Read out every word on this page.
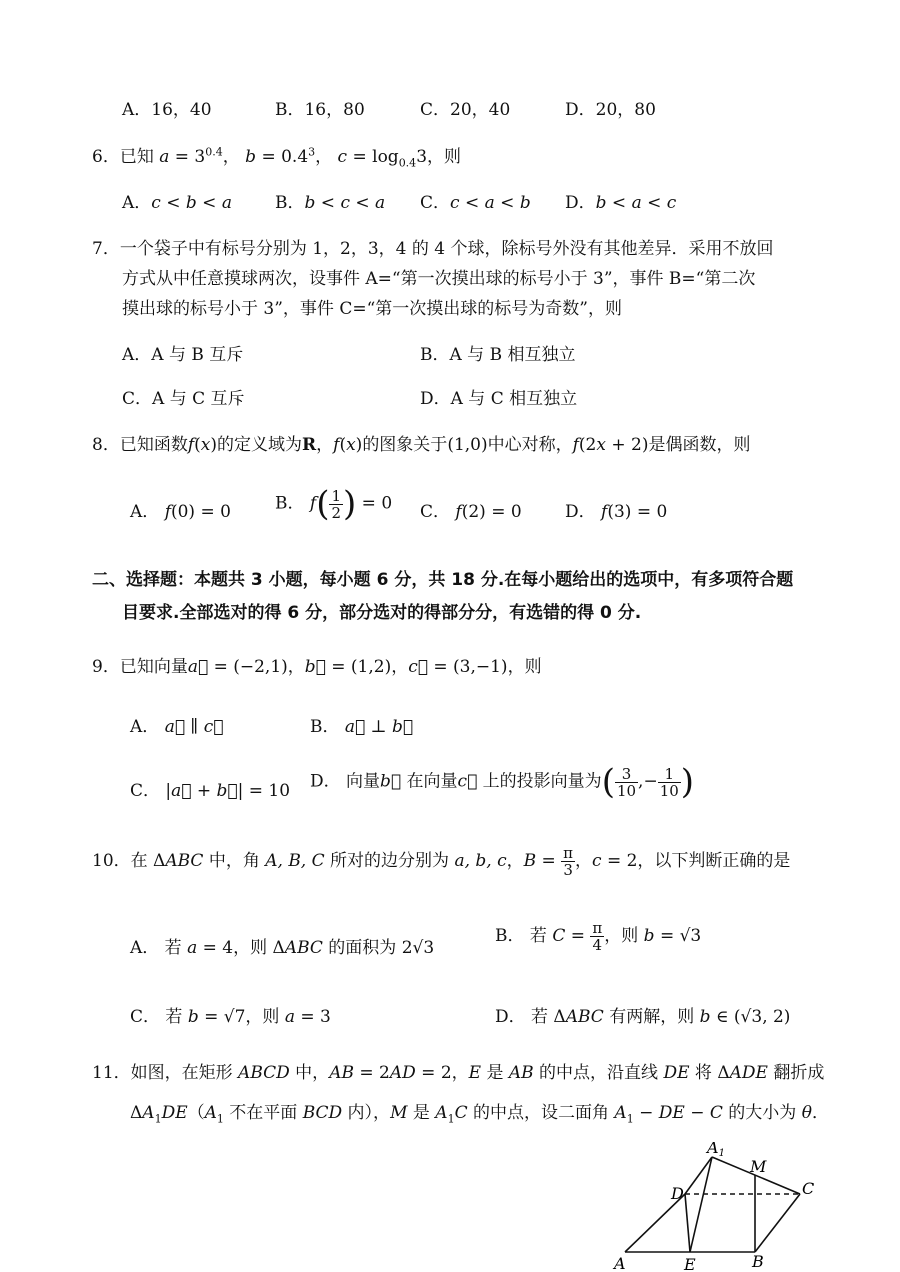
A．16，40	B．16，80	C．20，40	D．20，80
6．已知 $a = 3^{0.4}$， $b = 0.4^3$， $c = \log_{0.4}3$，则
A．c < b < a	B．b < c < a C．c < a < b D．b < a < c
7．一个袋子中有标号分别为 1，2，3，4 的 4 个球，除标号外没有其他差异．采用不放回
方式从中任意摸球两次，设事件 A=“第一次摸出球的标号小于 3”，事件 B=“第二次
摸出球的标号小于 3”，事件 C=“第一次摸出球的标号为奇数”，则
A．A 与 B 互斥	B．A 与 B 相互独立
C．A 与 C 互斥	D．A 与 C 相互独立
8．已知函数f(x)的定义域为R，f(x)的图象关于(1,0)中心对称，f(2x + 2)是偶函数，则
A． f(0) = 0	B． $f( \frac{1}{2}$ ) = 0 C． f(2) = 0	D． f(3) = 0
二、选择题：本题共 3 小题，每小题 6 分，共 18 分.在每小题给出的选项中，有多项符合题
目要求.全部选对的得 6 分，部分选对的得部分分，有选错的得 0 分.
9．已知向量a⃗ = (−2,1)，b⃗ = (1,2)，c⃗ = (3,−1)，则
A． a⃗ ∥ c⃗	B． a⃗ ⊥ b⃗
C． |a⃗ + b⃗| = 10 D． 向量b⃗ 在向量c⃗ 上的投影向量为( $\frac{3}{10}$ ,− $\frac{1}{10}$ )
10．在 ΔABC 中，角 A, B, C 所对的边分别为 a, b, c，$B = \frac{\pi}{3}$ ，c = 2，以下判断正确的是
A． 若 a = 4，则 ΔABC 的面积为 2√3
B． 若 $C = \frac{\pi}{4}$ ，则 b = √3
C． 若 b = √7，则 a = 3	D． 若 ΔABC 有两解，则 b ∈ (√3, 2)
11．如图，在矩形 ABCD 中，AB = 2AD = 2，E 是 AB 的中点，沿直线 DE 将 ΔADE 翻折成
$\Delta A_1DE(A_1$ 不在平面 BCD 内），M 是 $A_1C$ 的中点，设二面角 $A_1$ − DE − C 的大小为 θ．
A1
M
D	C
A	E	B
